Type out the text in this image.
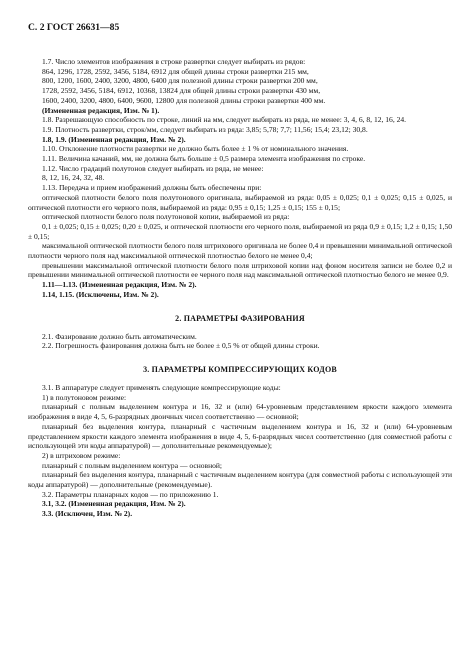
С. 2 ГОСТ 26631—85

1.7. Число элементов изображения в строке развертки следует выбирать из рядов:

864, 1296, 1728, 2592, 3456, 5184, 6912 для общей длины строки развертки 215 мм,

800, 1200, 1600, 2400, 3200, 4800, 6400 для полезной длины строки развертки 200 мм,

1728, 2592, 3456, 5184, 6912, 10368, 13824 для общей длины строки развертки 430 мм,

1600, 2400, 3200, 4800, 6400, 9600, 12800 для полезной длины строки развертки 400 мм.

(Измененная редакция, Изм. № 1).

1.8. Разрешающую способность по строке, линий на мм, следует выбирать из ряда, не менее: 3, 4, 6, 8, 12, 16, 24.

1.9. Плотность развертки, строк/мм, следует выбирать из ряда: 3,85; 5,78; 7,7; 11,56; 15,4; 23,12; 30,8.

1.8, 1.9. (Измененная редакция, Изм. № 2).

1.10. Отклонение плотности развертки не должно быть более ± 1 % от номинального значения.

1.11. Величина качаний, мм, не должна быть больше ± 0,5 размера элемента изображения по строке.

1.12. Число градаций полутонов следует выбирать из ряда, не менее:

8, 12, 16, 24, 32, 48.

1.13. Передача и прием изображений должны быть обеспечены при:

оптической плотности белого поля полутонового оригинала, выбираемой из ряда: 0,05 ± 0,025; 0,1 ± 0,025; 0,15 ± 0,025, и оптической плотности его черного поля, выбираемой из ряда: 0,95 ± 0,15; 1,25 ± 0,15; 155 ± 0,15;

оптической плотности белого поля полутоновой копии, выбираемой из ряда:

0,1 ± 0,025; 0,15 ± 0,025; 0,20 ± 0,025, и оптической плотности его черного поля, выбираемой из ряда 0,9 ± 0,15; 1,2 ± 0,15; 1,50 ± 0,15;

максимальной оптической плотности белого поля штрихового оригинала не более 0,4 и превышении минимальной оптической плотности черного поля над максимальной оптической плотностью белого не менее 0,4;

превышении максимальной оптической плотности белого поля штриховой копии над фоном носителя записи не более 0,2 и превышении минимальной оптической плотности ее черного поля над максимальной оптической плотностью белого не менее 0,9.

1.11—1.13. (Измененная редакция, Изм. № 2).

1.14, 1.15. (Исключены, Изм. № 2).

2. ПАРАМЕТРЫ ФАЗИРОВАНИЯ

2.1. Фазирование должно быть автоматическим.

2.2. Погрешность фазирования должна быть не более ± 0,5 % от общей длины строки.

3. ПАРАМЕТРЫ КОМПРЕССИРУЮЩИХ КОДОВ

3.1. В аппаратуре следует применять следующие компрессирующие коды:

1) в полутоновом режиме:

планарный с полным выделением контура и 16, 32 и (или) 64-уровневым представлением яркости каждого элемента изображения в виде 4, 5, 6-разрядных двоичных чисел соответственно — основной;

планарный без выделения контура, планарный с частичным выделением контура и 16, 32 и (или) 64-уровневым представлением яркости каждого элемента изображения в виде 4, 5, 6-разрядных чисел соответственно (для совместной работы с использующей эти коды аппаратурой) — дополнительные рекомендуемые);

2) в штриховом режиме:

планарный с полным выделением контура — основной;

планарный без выделения контура, планарный с частичным выделением контура (для совместной работы с использующей эти коды аппаратурой) — дополнительные (рекомендуемые).

3.2. Параметры планарных кодов — по приложению 1.

3.1, 3.2. (Измененная редакция, Изм. № 2).

3.3. (Исключен, Изм. № 2).
